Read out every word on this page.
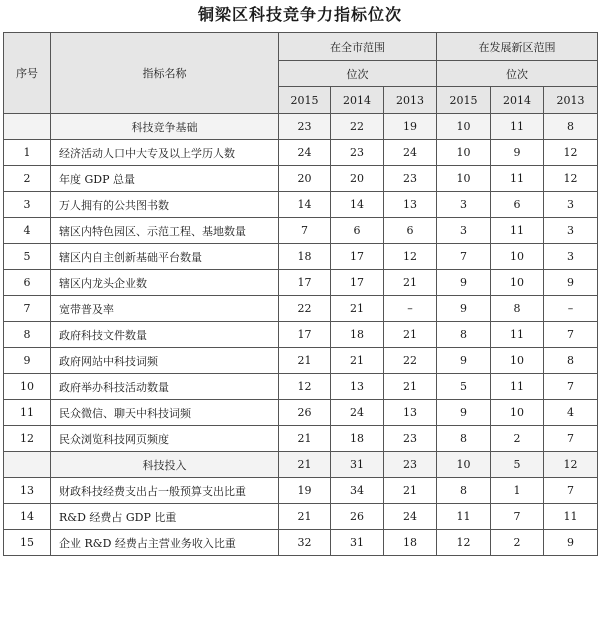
铜梁区科技竞争力指标位次
序号	指标名称	在全市范围			在发展新区范围		
		位次			位次		
		2015	2014	2013	2015	2014	2013
	科技竞争基础	23	22	19	10	11	8
1	经济活动人口中大专及以上学历人数	24	23	24	10	9	12
2	年度 GDP 总量	20	20	23	10	11	12
3	万人拥有的公共图书数	14	14	13	3	6	3
4	辖区内特色园区、示范工程、基地数量	7	6	6	3	11	3
5	辖区内自主创新基础平台数量	18	17	12	7	10	3
6	辖区内龙头企业数	17	17	21	9	10	9
7	宽带普及率	22	21	–	9	8	–
8	政府科技文件数量	17	18	21	8	11	7
9	政府网站中科技词频	21	21	22	9	10	8
10	政府举办科技活动数量	12	13	21	5	11	7
11	民众微信、聊天中科技词频	26	24	13	9	10	4
12	民众浏览科技网页频度	21	18	23	8	2	7
	科技投入	21	31	23	10	5	12
13	财政科技经费支出占一般预算支出比重	19	34	21	8	1	7
14	R&D 经费占 GDP 比重	21	26	24	11	7	11
15	企业 R&D 经费占主营业务收入比重	32	31	18	12	2	9
